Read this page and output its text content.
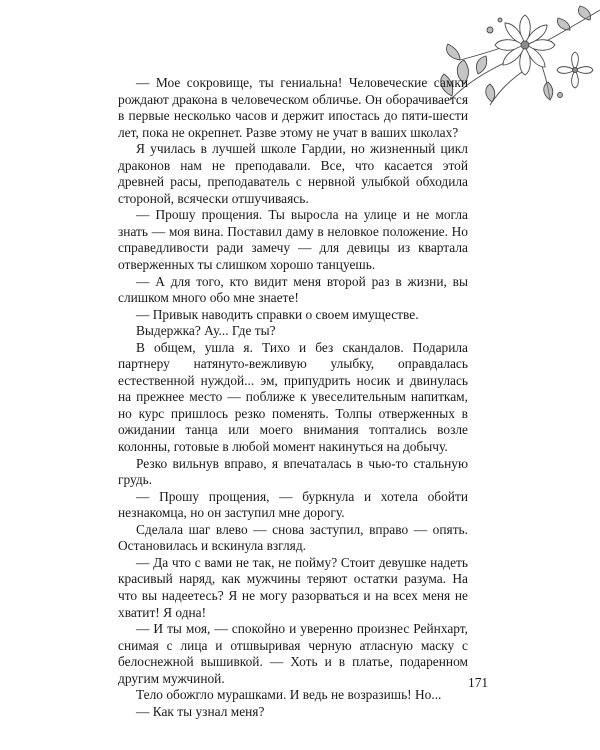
— Мое сокровище, ты гениальна! Человеческие самки рождают дракона в человеческом обличье. Он оборачивается в первые несколько часов и держит ипостась до пяти-шести лет, пока не окрепнет. Разве этому не учат в ваших школах?

Я училась в лучшей школе Гардии, но жизненный цикл драконов нам не преподавали. Все, что касается этой древней расы, преподаватель с нервной улыбкой обходила стороной, всячески отшучиваясь.

— Прошу прощения. Ты выросла на улице и не могла знать — моя вина. Поставил даму в неловкое положение. Но справедливости ради замечу — для девицы из квартала отверженных ты слишком хорошо танцуешь.

— А для того, кто видит меня второй раз в жизни, вы слишком много обо мне знаете!

— Привык наводить справки о своем имуществе.

Выдержка? Ау... Где ты?

В общем, ушла я. Тихо и без скандалов. Подарила партнеру натянуто-вежливую улыбку, оправдалась естественной нуждой... эм, припудрить носик и двинулась на прежнее место — поближе к увеселительным напиткам, но курс пришлось резко поменять. Толпы отверженных в ожидании танца или моего внимания топтались возле колонны, готовые в любой момент накинуться на добычу.

Резко вильнув вправо, я впечаталась в чью-то стальную грудь.

— Прошу прощения, — буркнула и хотела обойти незнакомца, но он заступил мне дорогу.

Сделала шаг влево — снова заступил, вправо — опять. Остановилась и вскинула взгляд.

— Да что с вами не так, не пойму? Стоит девушке надеть красивый наряд, как мужчины теряют остатки разума. На что вы надеетесь? Я не могу разорваться и на всех меня не хватит! Я одна!

— И ты моя, — спокойно и уверенно произнес Рейнхарт, снимая с лица и отшвыривая черную атласную маску с белоснежной вышивкой. — Хоть и в платье, подаренном другим мужчиной.

Тело обожгло мурашками. И ведь не возразишь! Но...

— Как ты узнал меня?

171
